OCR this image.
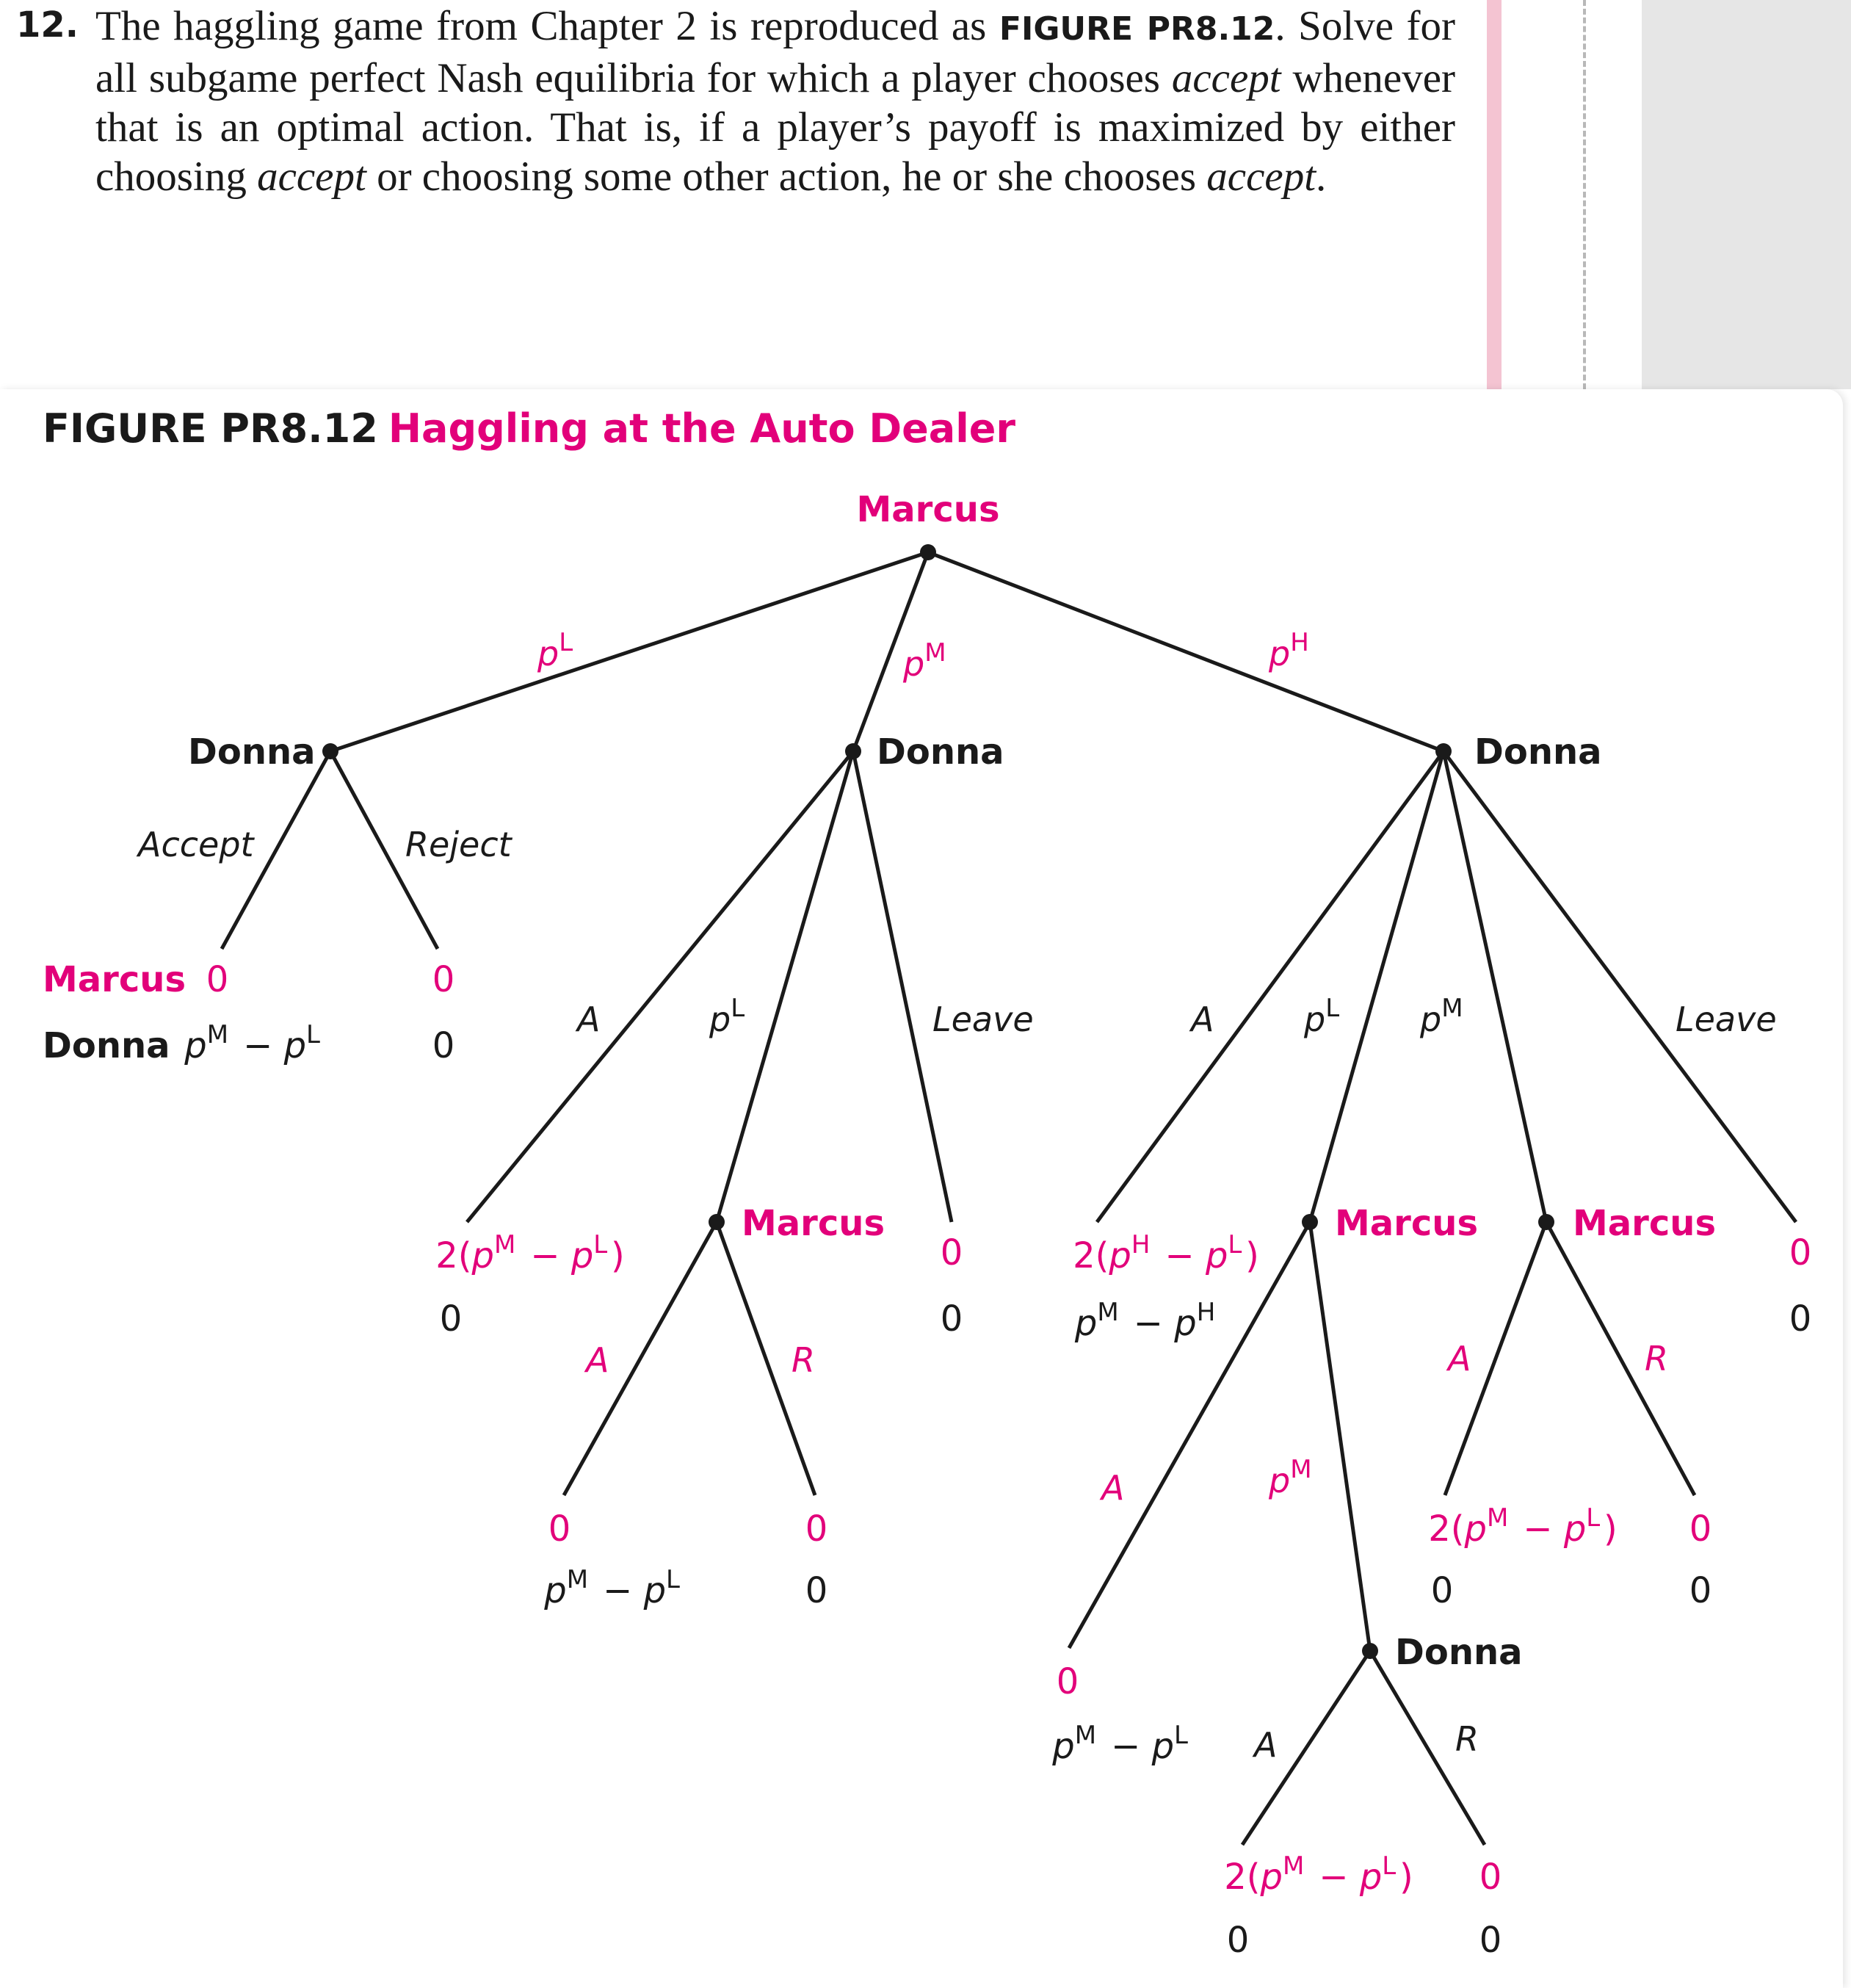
12. The haggling game from Chapter 2 is reproduced as FIGURE PR8.12. Solve for all subgame perfect Nash equilibria for which a player chooses accept whenever that is an optimal action. That is, if a player’s payoff is maximized by either choosing accept or choosing some other action, he or she chooses accept.
FIGURE PR8.12 Haggling at the Auto Dealer
Marcus
Donna	Donna	Donna
Marcus	Marcus	Marcus
Donna
$p^L$ 
$p^M$ 	$p^H$ 
Accept	Reject
A	$p^L$ 	Leave	A	$p^L$  $p^M$ 	Leave
A	R
A	$p^M$ 
A	R
A	R
Marcus
Donna
0
$p^M$  − $p^L$ 
0
0
$2(p^M$  − $p^L$ )
0
0
0
0
$p^M$  − $p^L$ 
0
0
$2(p^H$  − $p^L$ )
$p^M$  − $p^H$ 
0
0
0
$p^M$  − $p^L$ 
$2(p^M$  − $p^L$ )
0
0
0
$2(p^M$  − $p^L$ )
0
0
0
